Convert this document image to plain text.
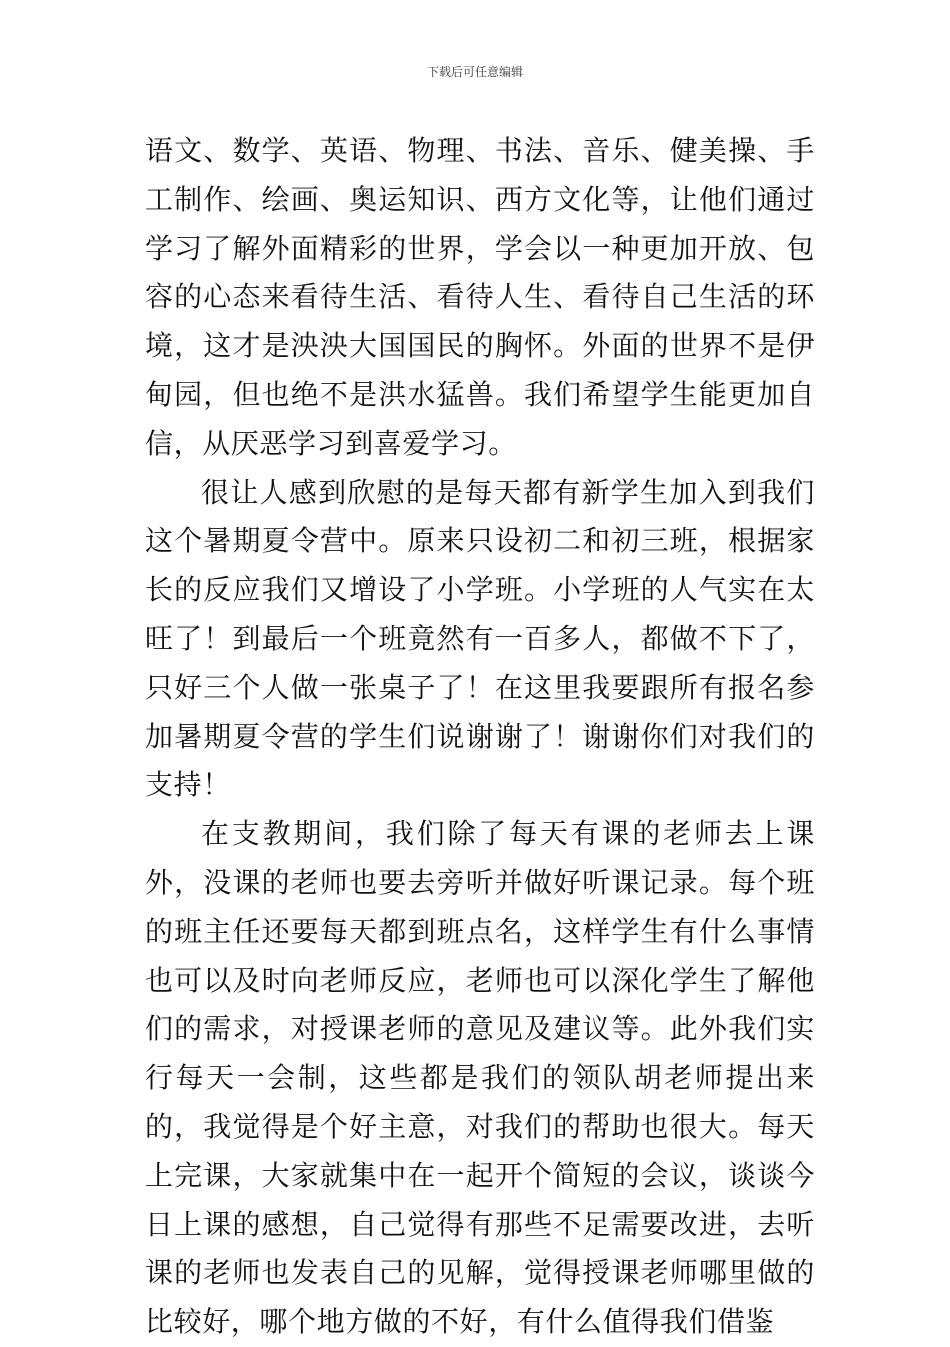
下载后可任意编辑

语文、数学、英语、物理、书法、音乐、健美操、手工制作、绘画、奥运知识、西方文化等，让他们通过学习了解外面精彩的世界，学会以一种更加开放、包容的心态来看待生活、看待人生、看待自己生活的环境，这才是泱泱大国国民的胸怀。外面的世界不是伊甸园，但也绝不是洪水猛兽。我们希望学生能更加自信，从厌恶学习到喜爱学习。

很让人感到欣慰的是每天都有新学生加入到我们这个暑期夏令营中。原来只设初二和初三班，根据家长的反应我们又增设了小学班。小学班的人气实在太旺了！到最后一个班竟然有一百多人，都做不下了，只好三个人做一张桌子了！在这里我要跟所有报名参加暑期夏令营的学生们说谢谢了！谢谢你们对我们的支持！

在支教期间，我们除了每天有课的老师去上课外，没课的老师也要去旁听并做好听课记录。每个班的班主任还要每天都到班点名，这样学生有什么事情也可以及时向老师反应，老师也可以深化学生了解他们的需求，对授课老师的意见及建议等。此外我们实行每天一会制，这些都是我们的领队胡老师提出来的，我觉得是个好主意，对我们的帮助也很大。每天上完课，大家就集中在一起开个简短的会议，谈谈今日上课的感想，自己觉得有那些不足需要改进，去听课的老师也发表自己的见解，觉得授课老师哪里做的比较好，哪个地方做的不好，有什么值得我们借鉴
